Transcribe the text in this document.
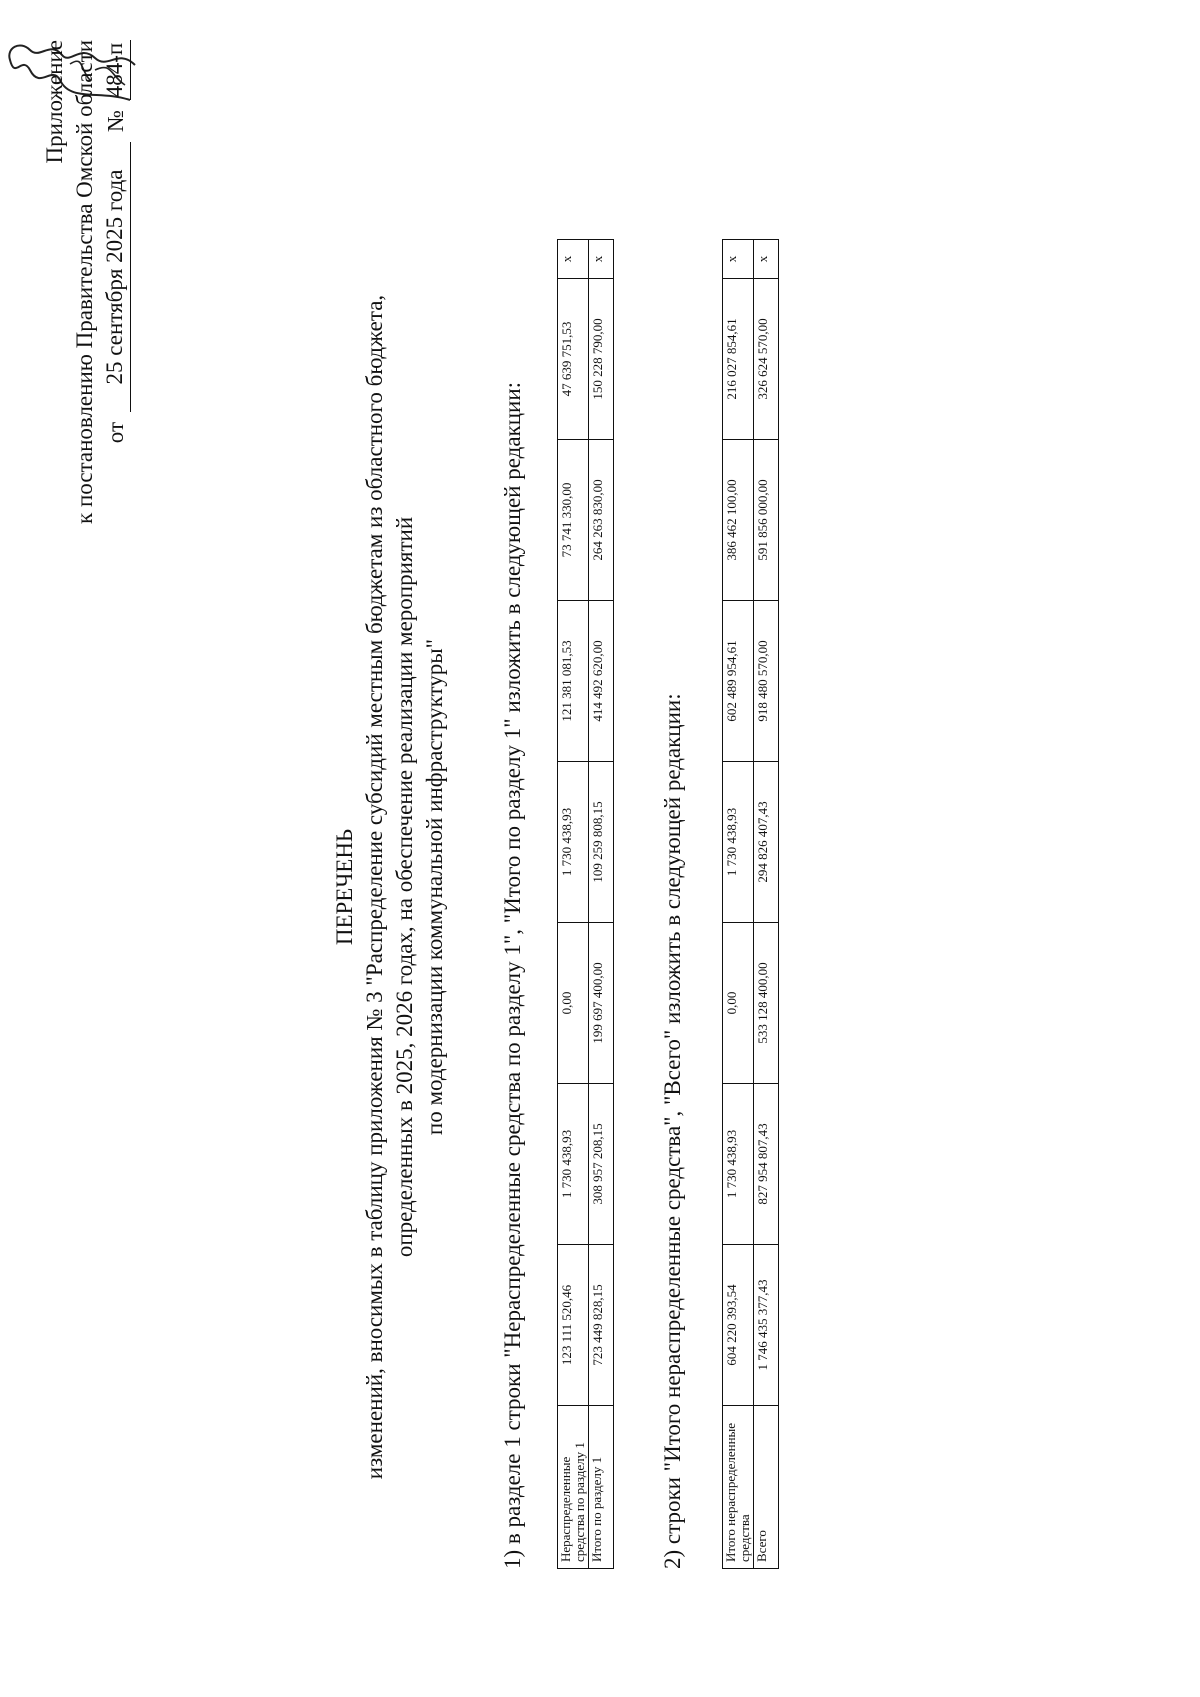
Приложение к постановлению Правительства Омской области от
25 сентября 2025 года
№
484-п
ПЕРЕЧЕНЬ изменений, вносимых в таблицу приложения № 3 "Распределение субсидий местным бюджетам из областного бюджета, определенных в 2025, 2026 годах, на обеспечение реализации мероприятий по модернизации коммунальной инфраструктуры" 1) в разделе 1 строки "Нераспределенные средства по разделу 1", "Итого по разделу 1" изложить в следующей редакции:	Нераспределенные средства по разделу 1	123 111 520,46	1 730 438,93	0,00	1 730 438,93	121 381 081,53	73 741 330,00	47 639 751,53	x
Итого по разделу 1	723 449 828,15	308 957 208,15	199 697 400,00	109 259 808,15	414 492 620,00	264 263 830,00	150 228 790,00	x
2) строки "Итого нераспределенные средства", "Всего" изложить в следующей редакции:	Итого нераспределенные средства	604 220 393,54	1 730 438,93	0,00	1 730 438,93	602 489 954,61	386 462 100,00	216 027 854,61	x
Всего	1 746 435 377,43	827 954 807,43	533 128 400,00	294 826 407,43	918 480 570,00	591 856 000,00	326 624 570,00	x
